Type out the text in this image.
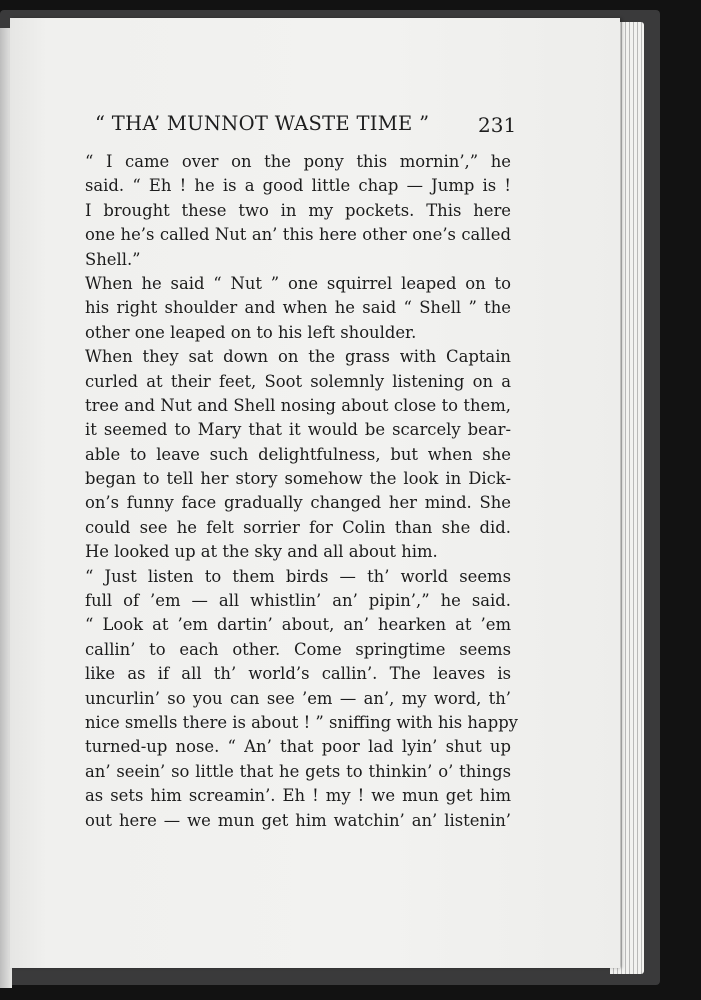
“ THA’ MUNNOT WASTE TIME ”	231
“ I came over on the pony this mornin’,” he
said. “ Eh ! he is a good little chap — Jump is !
I brought these two in my pockets. This here
one he’s called Nut an’ this here other one’s called
Shell.”
When he said “ Nut ” one squirrel leaped on to
his right shoulder and when he said “ Shell ” the
other one leaped on to his left shoulder.
When they sat down on the grass with Captain
curled at their feet, Soot solemnly listening on a
tree and Nut and Shell nosing about close to them,
it seemed to Mary that it would be scarcely bear-
able to leave such delightfulness, but when she
began to tell her story somehow the look in Dick-
on’s funny face gradually changed her mind. She
could see he felt sorrier for Colin than she did.
He looked up at the sky and all about him.
“ Just listen to them birds — th’ world seems
full of ’em — all whistlin’ an’ pipin’,” he said.
“ Look at ’em dartin’ about, an’ hearken at ’em
callin’ to each other. Come springtime seems
like as if all th’ world’s callin’. The leaves is
uncurlin’ so you can see ’em — an’, my word, th’
nice smells there is about ! ” sniffing with his happy
turned-up nose. “ An’ that poor lad lyin’ shut up
an’ seein’ so little that he gets to thinkin’ o’ things
as sets him screamin’. Eh ! my ! we mun get him
out here — we mun get him watchin’ an’ listenin’
